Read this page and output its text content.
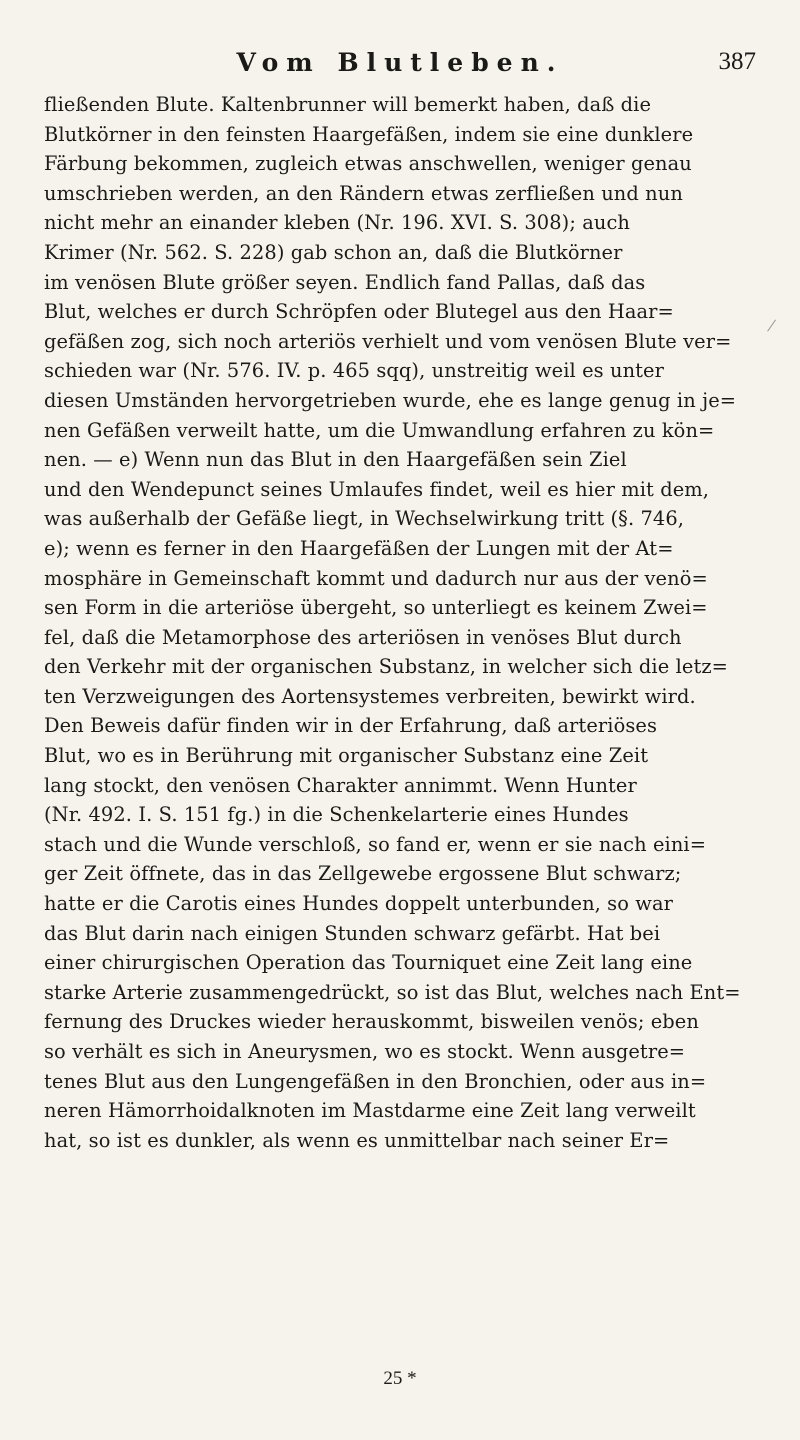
Vom Blutleben.	387
fließenden Blute. Kaltenbrunner will bemerkt haben, daß die
Blutkörner in den feinsten Haargefäßen, indem sie eine dunklere
Färbung bekommen, zugleich etwas anschwellen, weniger genau
umschrieben werden, an den Rändern etwas zerfließen und nun
nicht mehr an einander kleben (Nr. 196. XVI. S. 308); auch
Krimer (Nr. 562. S. 228) gab schon an, daß die Blutkörner
im venösen Blute größer seyen. Endlich fand Pallas, daß das
Blut, welches er durch Schröpfen oder Blutegel aus den Haar=
gefäßen zog, sich noch arteriös verhielt und vom venösen Blute ver=
schieden war (Nr. 576. IV. p. 465 sqq), unstreitig weil es unter
diesen Umständen hervorgetrieben wurde, ehe es lange genug in je=
nen Gefäßen verweilt hatte, um die Umwandlung erfahren zu kön=
nen. — e) Wenn nun das Blut in den Haargefäßen sein Ziel
und den Wendepunct seines Umlaufes findet, weil es hier mit dem,
was außerhalb der Gefäße liegt, in Wechselwirkung tritt (§. 746,
e); wenn es ferner in den Haargefäßen der Lungen mit der At=
mosphäre in Gemeinschaft kommt und dadurch nur aus der venö=
sen Form in die arteriöse übergeht, so unterliegt es keinem Zwei=
fel, daß die Metamorphose des arteriösen in venöses Blut durch
den Verkehr mit der organischen Substanz, in welcher sich die letz=
ten Verzweigungen des Aortensystemes verbreiten, bewirkt wird.
Den Beweis dafür finden wir in der Erfahrung, daß arteriöses
Blut, wo es in Berührung mit organischer Substanz eine Zeit
lang stockt, den venösen Charakter annimmt. Wenn Hunter
(Nr. 492. I. S. 151 fg.) in die Schenkelarterie eines Hundes
stach und die Wunde verschloß, so fand er, wenn er sie nach eini=
ger Zeit öffnete, das in das Zellgewebe ergossene Blut schwarz;
hatte er die Carotis eines Hundes doppelt unterbunden, so war
das Blut darin nach einigen Stunden schwarz gefärbt. Hat bei
einer chirurgischen Operation das Tourniquet eine Zeit lang eine
starke Arterie zusammengedrückt, so ist das Blut, welches nach Ent=
fernung des Druckes wieder herauskommt, bisweilen venös; eben
so verhält es sich in Aneurysmen, wo es stockt. Wenn ausgetre=
tenes Blut aus den Lungengefäßen in den Bronchien, oder aus in=
neren Hämorrhoidalknoten im Mastdarme eine Zeit lang verweilt
hat, so ist es dunkler, als wenn es unmittelbar nach seiner Er=
25 *
